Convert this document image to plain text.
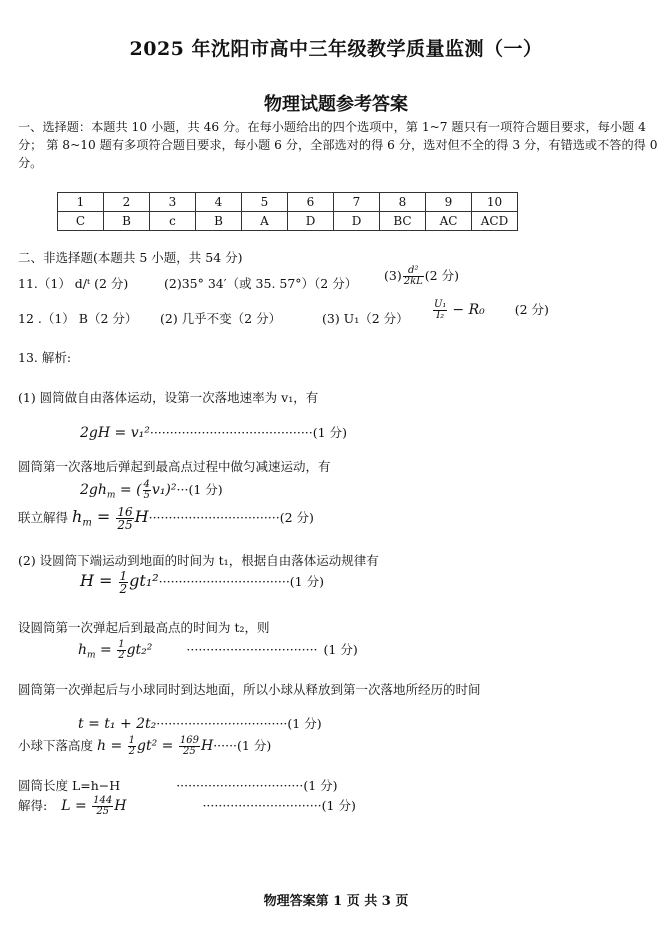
2025 年沈阳市高中三年级教学质量监测（一）
物理试题参考答案
一、选择题：本题共 10 小题，共 46 分。在每小题给出的四个选项中，第 1~7 题只有一项符合题目要求，每小题 4 分； 第 8~10 题有多项符合题目要求，每小题 6 分，全部选对的得 6 分，选对但不全的得 3 分，有错选或不答的得 0 分。
1	2	3	4	5	6	7	8	9	10
C	B	c	B	A	D	D	BC	AC	ACD
二、非选择题(本题共 5 小题，共 54 分)
11.（1） d/ᵗ (2 分)	(2)35° 34′（或 35. 57°）（2 分）
$(3) \frac{\text{d²}}{2kL} (2$ 分)
12 .（1） B（2 分） (2) 几乎不变（2 分）	(3) U₁（2 分） $\frac{\text{U₁}}{\text{I₂}} - R_0$ (2 分)
13. 解析:
(1) 圆筒做自由落体运动，设第一次落地速率为 v₁，有
2gH = v₁²·········································(1 分)
圆筒第一次落地后弹起到最高点过程中做匀减速运动，有
$2gh_m$ = ( $\frac{4}{5} v_1)^2\cdot\cdot\cdot(1$ 分)
联立解得 $h_m = \frac{16}{25} H\cdot\cdot\cdot\cdot\cdot\cdot\cdot\cdot\cdot\cdot\cdot\cdot\cdot\cdot\cdot\cdot\cdot\cdot\cdot\cdot\cdot\cdot\cdot\cdot\cdot\cdot\cdot\cdot\cdot\cdot\cdot\cdot\cdot(2$ 分)
(2) 设圆筒下端运动到地面的时间为 t₁，根据自由落体运动规律有
$H = \frac{1}{2} gt_1^2\cdot\cdot\cdot\cdot\cdot\cdot\cdot\cdot\cdot\cdot\cdot\cdot\cdot\cdot\cdot\cdot\cdot\cdot\cdot\cdot\cdot\cdot\cdot\cdot\cdot\cdot\cdot\cdot\cdot\cdot\cdot\cdot\cdot(1$ 分)
设圆筒第一次弹起后到最高点的时间为 t₂，则
$h_m = \frac{1}{2} gt_2^2$	································· (1 分)
圆筒第一次弹起后与小球同时到达地面，所以小球从释放到第一次落地所经历的时间
t = t₁ + 2t₂·································(1 分)
小球下落高度 $h = \frac{1}{2} gt^2 = \frac{169}{25} H\cdot\cdot\cdot\cdot\cdot\cdot(1$ 分)
圆筒长度 L=h−H	································(1 分)
解得: $L = \frac{144}{25}$ H	······························(1 分)
物理答案第 1 页 共 3 页
